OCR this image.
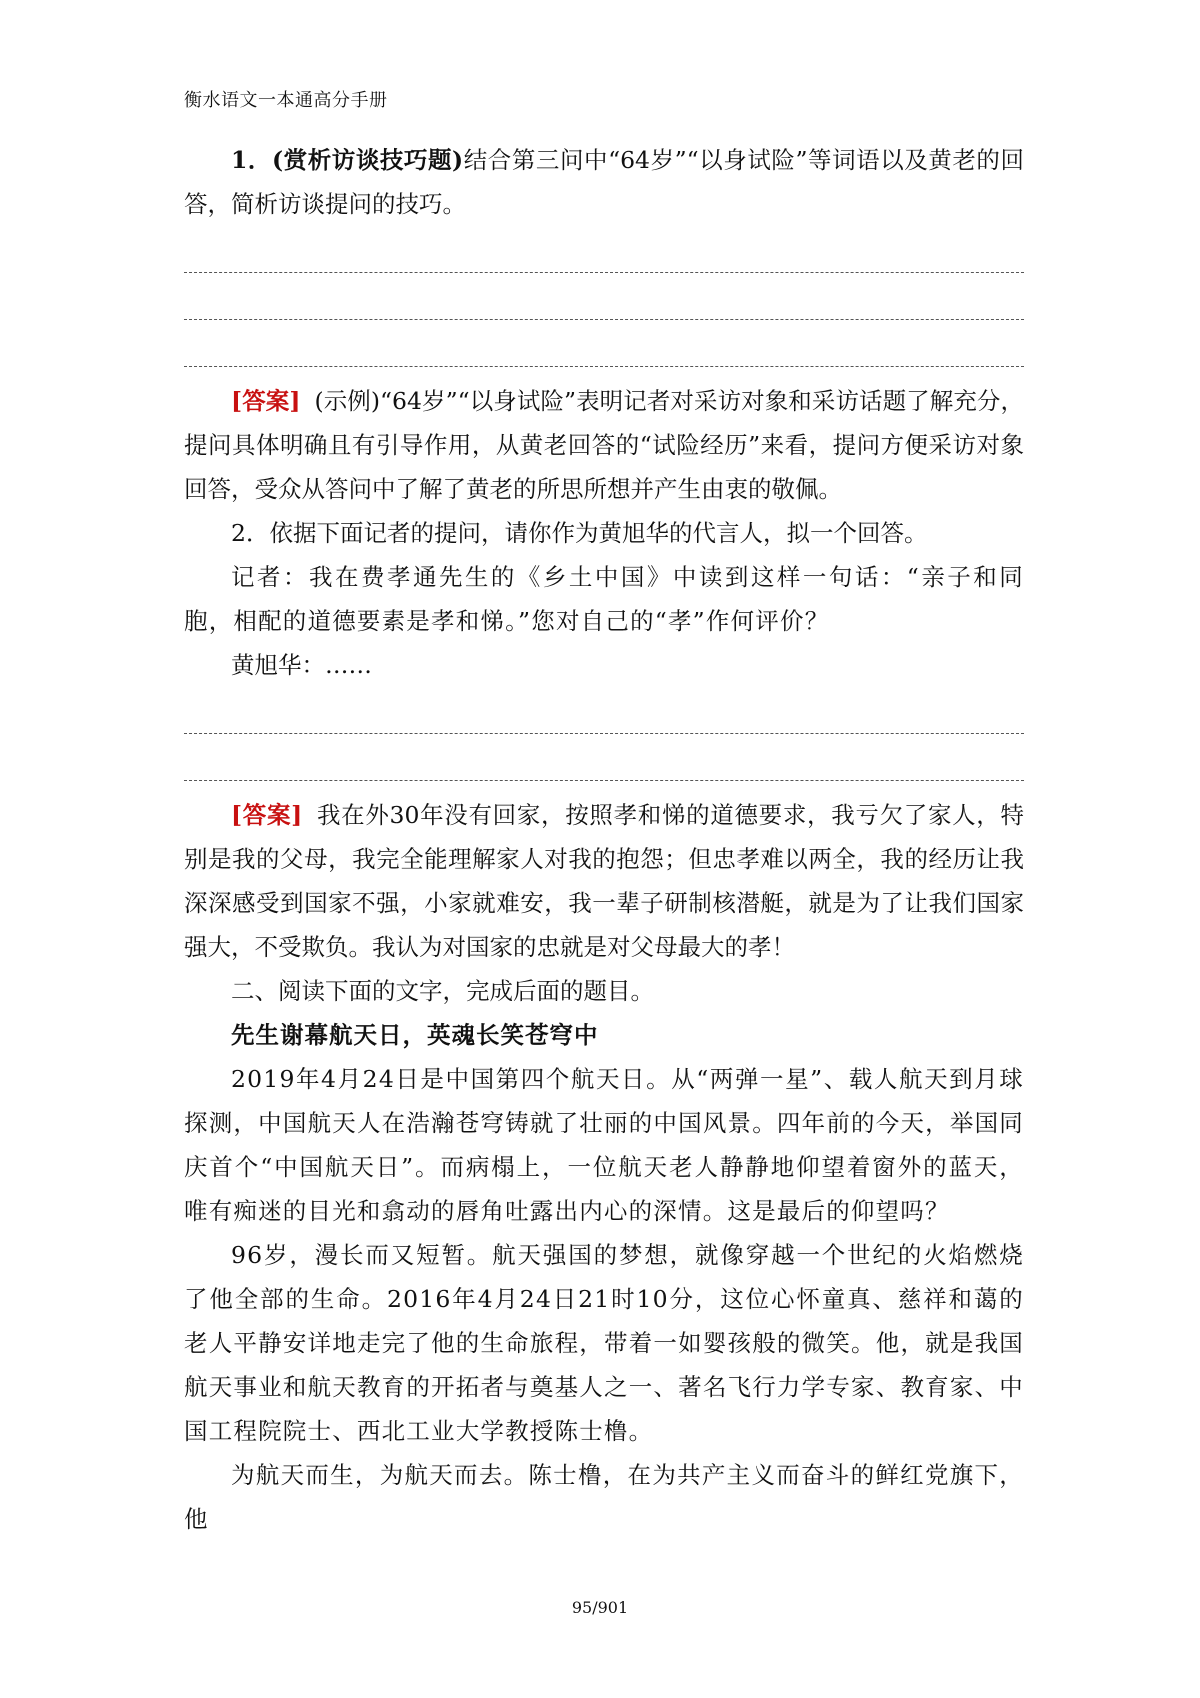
衡水语文一本通高分手册

1．(赏析访谈技巧题)结合第三问中“64岁”“以身试险”等词语以及黄老的回答，简析访谈提问的技巧。

[答案] (示例)“64岁”“以身试险”表明记者对采访对象和采访话题了解充分，提问具体明确且有引导作用，从黄老回答的“试险经历”来看，提问方便采访对象回答，受众从答问中了解了黄老的所思所想并产生由衷的敬佩。

2．依据下面记者的提问，请你作为黄旭华的代言人，拟一个回答。

记者：我在费孝通先生的《乡土中国》中读到这样一句话：“亲子和同胞，相配的道德要素是孝和悌。”您对自己的“孝”作何评价？

黄旭华：……

[答案] 我在外30年没有回家，按照孝和悌的道德要求，我亏欠了家人，特别是我的父母，我完全能理解家人对我的抱怨；但忠孝难以两全，我的经历让我深深感受到国家不强，小家就难安，我一辈子研制核潜艇，就是为了让我们国家强大，不受欺负。我认为对国家的忠就是对父母最大的孝！

二、阅读下面的文字，完成后面的题目。

先生谢幕航天日，英魂长笑苍穹中

2019年4月24日是中国第四个航天日。从“两弹一星”、载人航天到月球探测，中国航天人在浩瀚苍穹铸就了壮丽的中国风景。四年前的今天，举国同庆首个“中国航天日”。而病榻上，一位航天老人静静地仰望着窗外的蓝天，唯有痴迷的目光和翕动的唇角吐露出内心的深情。这是最后的仰望吗？

96岁，漫长而又短暂。航天强国的梦想，就像穿越一个世纪的火焰燃烧了他全部的生命。2016年4月24日21时10分，这位心怀童真、慈祥和蔼的老人平静安详地走完了他的生命旅程，带着一如婴孩般的微笑。他，就是我国航天事业和航天教育的开拓者与奠基人之一、著名飞行力学专家、教育家、中国工程院院士、西北工业大学教授陈士橹。

为航天而生，为航天而去。陈士橹，在为共产主义而奋斗的鲜红党旗下，他

95/901
